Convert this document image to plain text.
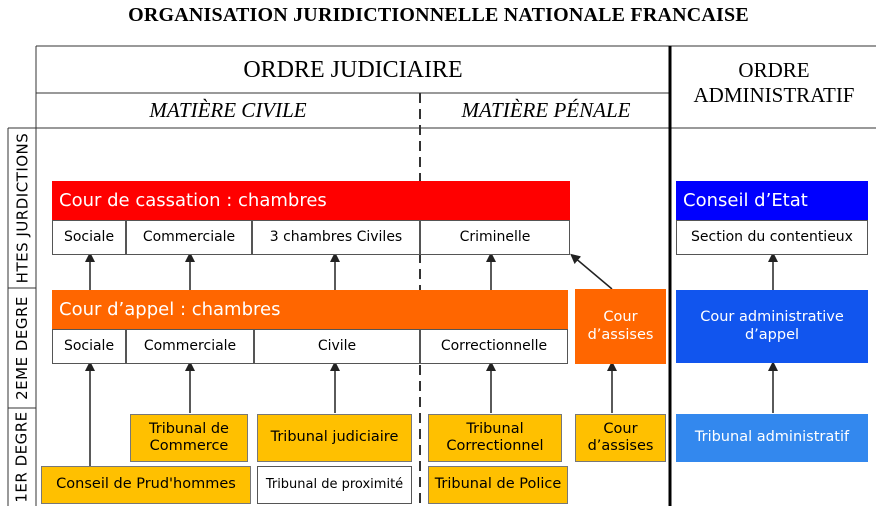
ORGANISATION JURIDICTIONNELLE NATIONALE FRANCAISE
ORDRE JUDICIAIRE	ORDRE
ADMINISTRATIF
MATIÈRE CIVILE	MATIÈRE PÉNALE
HTES JURDICTIONS
2EME DEGRE
1ER DEGRE
Cour de cassation : chambres
Sociale	Commerciale	3 chambres Civiles	Criminelle
Conseil d’Etat
Section du contentieux
Cour d’appel : chambres
Sociale	Commerciale	Civile	Correctionnelle
Cour
d’assises
Cour administrative
d’appel
Tribunal de
Commerce
Tribunal judiciaire
Tribunal de proximité
Conseil de Prud'hommes
Tribunal
Correctionnel
Tribunal de Police
Cour
d’assises
Tribunal administratif
